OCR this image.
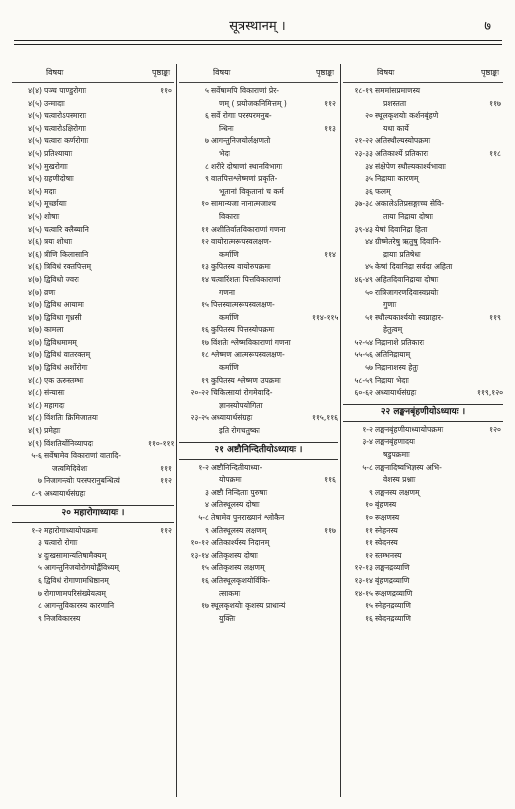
सूत्रस्थानम् ।	७
विषयः	पृष्ठाङ्कः
४(४) पञ्च पाण्डुरोगाः	११०
४(५) उन्मादाः
४(५) चत्वारोऽपस्माराः
४(५) चत्वारोऽक्षिरोगाः
४(५) चत्वारः कर्णरोगाः
४(५) प्रतिश्यायाः
४(५) मुखरोगाः
४(५) ग्रहणीदोषाः
४(५) मदाः
४(५) मूर्च्छायाः
४(५) शोषाः
४(५) चत्वारि क्लैब्यानि
४(६) त्रयः शोथाः
४(६) त्रीणि किलासानि
४(६) त्रिविधं रक्तपित्तम्
४(७) द्विविधो ज्वरः
४(७) व्रणः
४(७) द्विविध आयामः
४(७) द्विविधा गृध्रसी
४(७) कामला
४(७) द्विविधमामम्
४(७) द्विविधं वातरक्तम्
४(७) द्विविधं अर्शोरोगः
४(८) एक ऊरुस्तम्भः
४(८) संन्यासः
४(८) महागदः
४(८) विंशतिः क्रिमिजातयः
४(९) प्रमेहाः
४(९) विंशतिर्योनिव्यापदः	११०-१११
५-६ सर्वेषामेव विकाराणां वातादि-
जत्वमिदिवेशः	१११
७ निजागन्त्वोः परस्परानुबन्धित्वं	११२
८-९ अध्यायार्थसंग्रहः
२० महारोगाध्यायः ।
१-२ महारोगाध्यायोपक्रमः	११२
३ चत्वारो रोगाः
४ दुःखसामान्यतिषामैक्यम्
५ आगन्तुनिजयोरोगयोर्द्वैविध्यम्
६ द्विविधं रोगाणामधिष्ठानम्
७ रोगाणामपरिसंख्येयत्वम्
८ आगन्तुविकारस्य कारणानि
९ निजविकारस्य
विषयः	पृष्ठाङ्कः
५ सर्वेषामपि विकाराणां प्रेर-
णम् ( प्रयोजकनिमित्तम् )	११२
६ सर्वे रोगाः परस्परमनुब-
न्धिनः	११३
७ आगन्तुनिजयोर्लक्षणतो
भेदः
८ शरीरे दोषाणां स्थानविभागः
९ वातपित्तश्लेष्मणां प्रकृति-
भूतानां विकृतानां च कर्म
१० सामान्यजा नानात्मजाश्च
विकाराः
११ अशीतिर्वातविकाराणां गणना
१२ वायोरात्मरूपस्वलक्षण-
कर्माणि	११४
१३ कुपितस्य वायोरुपक्रमः
१४ चत्वारिंशतः पित्तविकाराणां
गणना
१५ पित्तस्यात्मरूपस्वलक्षण-
कर्माणि	११४-११५
१६ कुपितस्य पित्तस्योपक्रमः
१७ विंशतेः श्लेष्मविकाराणां गणना
१८ श्लेष्मण आत्मरूपस्वलक्षण-
कर्माणि
१९ कुपितस्य श्लेष्मण उपक्रमः
२०-२२ चिकित्सायां रोगमेवादि-
ज्ञानस्योपयोगिता
२३-२५ अध्यायार्थसंग्रहः	११५,११६
इति रोगचतुष्कः
२१ अष्टौनिन्दितीयोऽध्यायः ।
१-२ अष्टौनिन्दितीयाध्या-
योपक्रमः	११६
३ अष्टौ निन्दिताः पुरुषाः
४ अतिस्थूलस्य दोषाः
५-८ तेषामेव पुनराख्यानं श्लोकैन
९ अतिस्थूलस्य लक्षणम्	११७
१०-१२ अतिकार्श्यस्य निदानम्
१३-१४ अतिकृशस्य दोषाः
१५ अतिकृशस्य लक्षणम्
१६ अतिस्थूलकृशयोर्विकि-
त्साकमः
१७ स्थूलकृशयोः कृशस्य प्राधान्यं
युक्तिः
विषयः	पृष्ठाङ्कः
१८-१९ सममांसप्रमाणस्य
प्रशस्तता	११७
२० स्थूलकृशयोः कर्शनबृंहणे
यथा कार्ये
२१-२२ अतिस्थौल्यस्योपक्रमः
२३-३३ अतिकार्श्ये प्रतिकारः	११८
३४ संक्षेपेण स्थौल्यकार्श्यभावाः
३५ निद्रायाः कारणम्
३६ फलम्
३७-३८ अकालेऽतिप्रसङ्गाच्च सेवि-
ताया निद्राया दोषाः
३९-४३ येषां दिवानिद्रा हिता
४४ ग्रीष्मेतरेषु ऋतुषु दिवानि-
द्रायाः प्रतिषेधः
४५ केषां दिवानिद्रा सर्वदा अहिता
४६-४९ अहितदिवानिद्राया दोषाः
५० रात्रिजागरणदिवास्वप्नयोः
गुणाः
५१ स्थौल्यकार्श्ययोः स्वप्नाहार-	११९
हेतुत्वम्
५२-५४ निद्रानाशे प्रतिकारः
५५-५६ अतिनिद्रायाम्
५७ निद्रानाशस्य हेतुः
५८-५९ निद्राया भेदाः
६०-६२ अध्यायार्थसंग्रहः	११९,१२०
२२ लङ्घनबृंहणीयोऽध्यायः ।
१-२ लङ्घनबृंहणीयाध्यायोपक्रमः	१२०
३-४ लङ्घनबृंहणादयः
षडुपक्रमाः
५-८ लङ्घनादिष्वभिज्ञस्य अभि-
वेशस्य प्रश्नाः
९ लङ्घनस्य लक्षणम्
१० बृंहणस्य
१० रूक्षणस्य
११ स्नेहनस्य
११ स्वेदनस्य
१२ स्तम्भनस्य
१२-१३ लङ्घनद्रव्याणि
१३-१४ बृंहणद्रव्याणि
१४-१५ रूक्षणद्रव्याणि
१५ स्नेहनद्रव्याणि
१६ स्वेदनद्रव्याणि
